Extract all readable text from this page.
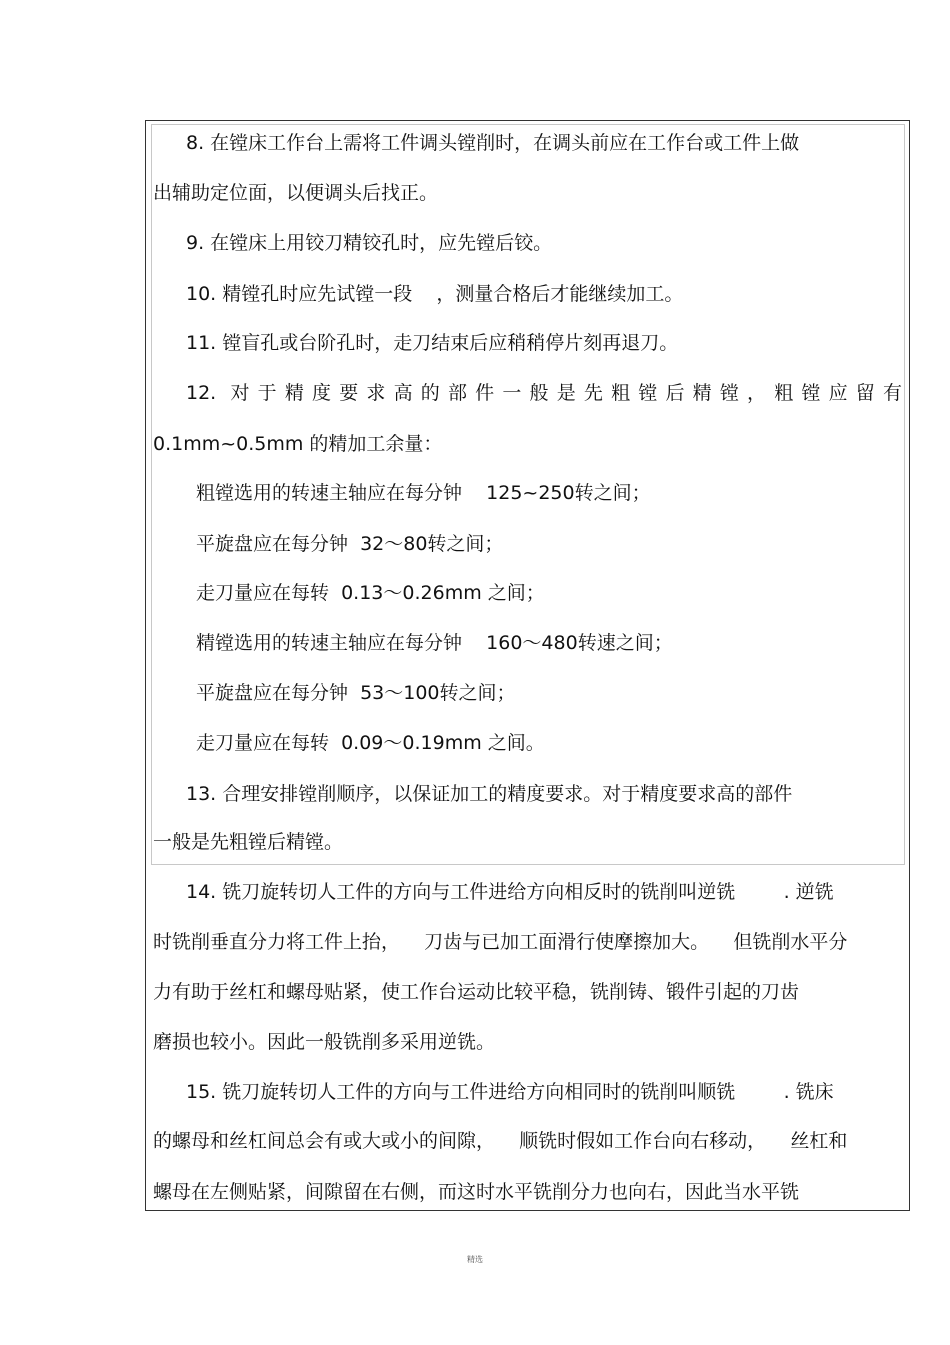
8. 在镗床工作台上需将工件调头镗削时，在调头前应在工作台或工件上做

出辅助定位面，以便调头后找正。

9. 在镗床上用铰刀精铰孔时，应先镗后铰。

10. 精镗孔时应先试镗一段    ，测量合格后才能继续加工。

11. 镗盲孔或台阶孔时，走刀结束后应稍稍停片刻再退刀。

12. 对于精度要求高的部件一般是先粗镗后精镗，粗镗应留有

0.1mm~0.5mm 的精加工余量：

粗镗选用的转速主轴应在每分钟    125~250转之间；

平旋盘应在每分钟  32～80转之间；

走刀量应在每转  0.13～0.26mm 之间；

精镗选用的转速主轴应在每分钟    160～480转速之间；

平旋盘应在每分钟  53～100转之间；

走刀量应在每转  0.09～0.19mm 之间。

13. 合理安排镗削顺序，以保证加工的精度要求。对于精度要求高的部件

一般是先粗镗后精镗。

14. 铣刀旋转切人工件的方向与工件进给方向相反时的铣削叫逆铣        . 逆铣

时铣削垂直分力将工件上抬，    刀齿与已加工面滑行使摩擦加大。    但铣削水平分

力有助于丝杠和螺母贴紧，使工作台运动比较平稳，铣削铸、锻件引起的刀齿

磨损也较小。因此一般铣削多采用逆铣。

15. 铣刀旋转切人工件的方向与工件进给方向相同时的铣削叫顺铣        . 铣床

的螺母和丝杠间总会有或大或小的间隙，    顺铣时假如工作台向右移动，    丝杠和

螺母在左侧贴紧，间隙留在右侧，而这时水平铣削分力也向右，因此当水平铣

精选
